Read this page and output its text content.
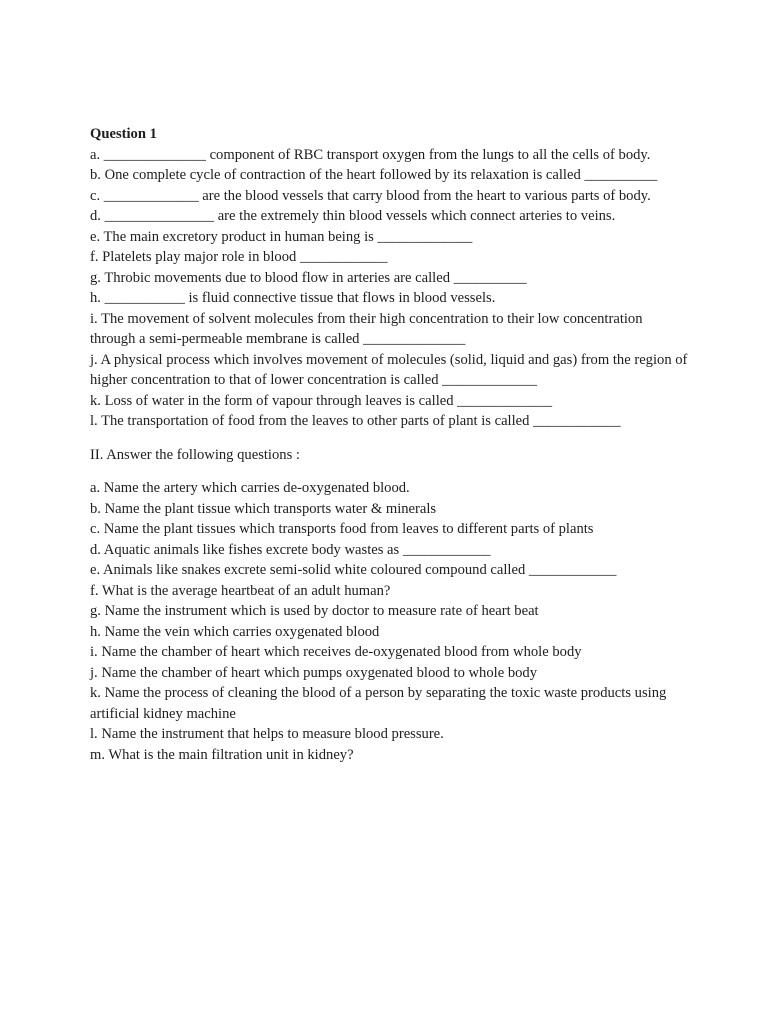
Question 1

a. ______________ component of RBC transport oxygen from the lungs to all the cells of body.

b. One complete cycle of contraction of the heart followed by its relaxation is called __________

c. _____________ are the blood vessels that carry blood from the heart to various parts of body.

d. _______________ are the extremely thin blood vessels which connect arteries to veins.

e. The main excretory product in human being is _____________

f. Platelets play major role in blood ____________

g. Throbic movements due to blood flow in arteries are called __________

h. ___________ is fluid connective tissue that flows in blood vessels.

i. The movement of solvent molecules from their high concentration to their low concentration through a semi-permeable membrane is called ______________

j. A physical process which involves movement of molecules (solid, liquid and gas) from the region of higher concentration to that of lower concentration is called _____________

k. Loss of water in the form of vapour through leaves is called _____________

l. The transportation of food from the leaves to other parts of plant is called ____________

II. Answer the following questions :

a. Name the artery which carries de-oxygenated blood.

b. Name the plant tissue which transports water & minerals

c. Name the plant tissues which transports food from leaves to different parts of plants

d. Aquatic animals like fishes excrete body wastes as ____________

e. Animals like snakes excrete semi-solid white coloured compound called ____________

f. What is the average heartbeat of an adult human?

g. Name the instrument which is used by doctor to measure rate of heart beat

h. Name the vein which carries oxygenated blood

i. Name the chamber of heart which receives de-oxygenated blood from whole body

j. Name the chamber of heart which pumps oxygenated blood to whole body

k. Name the process of cleaning the blood of a person by separating the toxic waste products using artificial kidney machine

l. Name the instrument that helps to measure blood pressure.

m. What is the main filtration unit in kidney?
